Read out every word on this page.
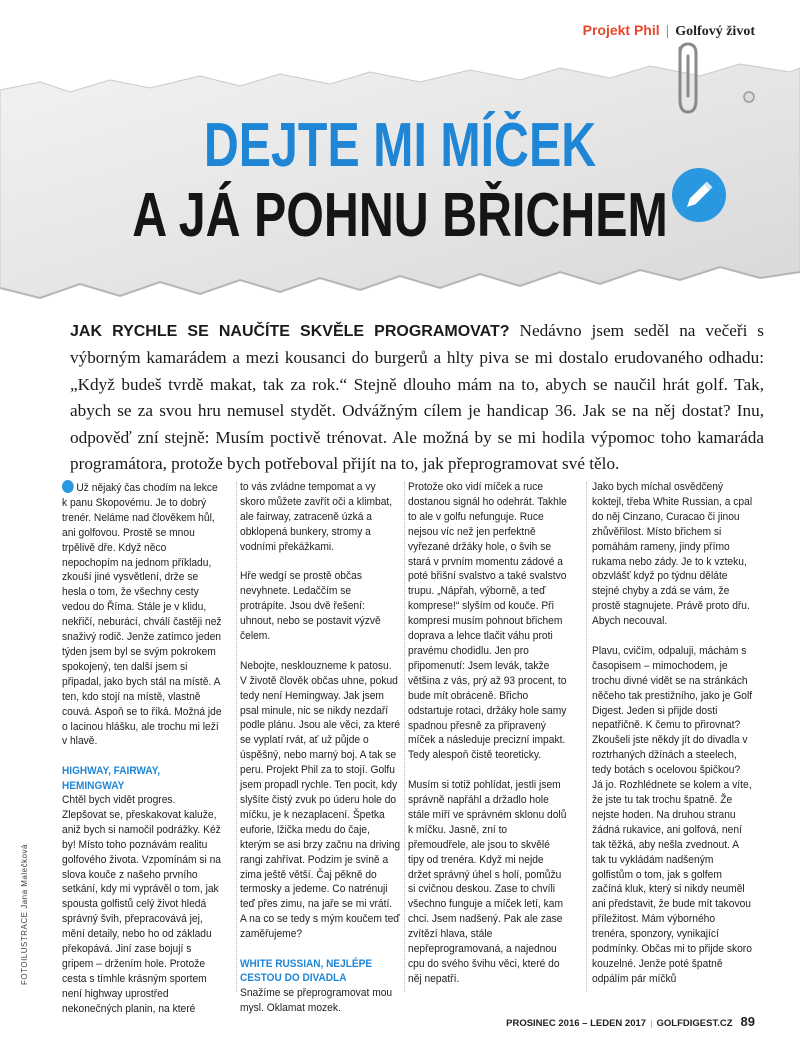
Projekt Phil | Golfový život
DEJTE MI MÍČEK
A JÁ POHNU BŘICHEM
JAK RYCHLE SE NAUČÍTE SKVĚLE PROGRAMOVAT? Nedávno jsem seděl na večeři s výborným kamarádem a mezi kousanci do burgerů a hlty piva se mi dostalo erudovaného odhadu: „Když budeš tvrdě makat, tak za rok.“ Stejně dlouho mám na to, abych se naučil hrát golf. Tak, abych se za svou hru nemusel stydět. Odvážným cílem je handicap 36. Jak se na něj dostat? Inu, odpověď zní stejně: Musím poctivě trénovat. Ale možná by se mi hodila výpomoc toho kamaráda programátora, protože bych potřeboval přijít na to, jak přeprogramovat své tělo.

Už nějaký čas chodím na lekce k panu Skopovému. Je to dobrý trenér. Neláme nad člověkem hůl, ani golfovou. Prostě se mnou trpělivě dře. Když něco nepochopím na jednom příkladu, zkouší jiné vysvětlení, drže se hesla o tom, že všechny cesty vedou do Říma. Stále je v klidu, nekřičí, neburácí, chválí častěji než snaživý rodič. Jenže zatímco jeden týden jsem byl se svým pokrokem spokojený, ten další jsem si připadal, jako bych stál na místě. A ten, kdo stojí na místě, vlastně couvá. Aspoň se to říká. Možná jde o lacinou hlášku, ale trochu mi leží v hlavě.

HIGHWAY, FAIRWAY, HEMINGWAY

Chtěl bych vidět progres. Zlepšovat se, přeskakovat kaluže, aniž bych si namočil podrážky. Kéž by! Místo toho poznávám realitu golfového života. Vzpomínám si na slova kouče z našeho prvního setkání, kdy mi vyprávěl o tom, jak spousta golfistů celý život hledá správný švih, přepracovává jej, mění detaily, nebo ho od základu překopává. Jiní zase bojují s gripem – držením hole. Protože cesta s tímhle krásným sportem není highway uprostřed nekonečných planin, na které

to vás zvládne tempomat a vy skoro můžete zavřít oči a klimbat, ale fairway, zatraceně úzká a obklopená bunkery, stromy a vodními překážkami.

Hře wedgí se prostě občas nevyhnete. Ledaččím se protrápíte. Jsou dvě řešení: uhnout, nebo se postavit výzvě čelem.

Nebojte, nesklouzneme k patosu. V životě člověk občas uhne, pokud tedy není Hemingway. Jak jsem psal minule, nic se nikdy nezdaří podle plánu. Jsou ale věci, za které se vyplatí rvát, ať už půjde o úspěšný, nebo marný boj. A tak se peru. Projekt Phil za to stojí. Golfu jsem propadl rychle. Ten pocit, kdy slyšíte čistý zvuk po úderu hole do míčku, je k nezaplacení. Špetka euforie, lžička medu do čaje, kterým se asi brzy začnu na driving rangi zahřívat. Podzim je svině a zima ještě větší. Čaj pěkně do termosky a jedeme. Co natrénuji teď přes zimu, na jaře se mi vrátí. A na co se tedy s mým koučem teď zaměřujeme?

WHITE RUSSIAN, NEJLÉPE CESTOU DO DIVADLA

Snažíme se přeprogramovat mou mysl. Oklamat mozek.

Protože oko vidí míček a ruce dostanou signál ho odehrát. Takhle to ale v golfu nefunguje. Ruce nejsou víc než jen perfektně vyřezané držáky hole, o švih se stará v prvním momentu zádové a poté břišní svalstvo a také svalstvo trupu. „Nápřah, výborně, a teď komprese!“ slyším od kouče. Při kompresi musím pohnout břichem doprava a lehce tlačit váhu proti pravému chodidlu. Jen pro připomenutí: Jsem levák, takže většina z vás, prý až 93 procent, to bude mít obráceně. Břicho odstartuje rotaci, držáky hole samy spadnou přesně za připravený míček a následuje precizní impakt. Tedy alespoň čistě teoreticky.

Musím si totiž pohlídat, jestli jsem správně napřáhl a držadlo hole stále míří ve správném sklonu dolů k míčku. Jasně, zní to přemoudřele, ale jsou to skvělé tipy od trenéra. Když mi nejde držet správný úhel s holí, pomůžu si cvičnou deskou. Zase to chvíli všechno funguje a míček letí, kam chci. Jsem nadšený. Pak ale zase zvítězí hlava, stále nepřeprogramovaná, a najednou cpu do svého švihu věci, které do něj nepatří.

Jako bych míchal osvědčený koktejl, třeba White Russian, a cpal do něj Cinzano, Curacao či jinou zhůvěřilost. Místo břichem si pomáhám rameny, jindy přímo rukama nebo zády. Je to k vzteku, obzvlášť když po týdnu děláte stejné chyby a zdá se vám, že prostě stagnujete. Právě proto dřu. Abych necouval.

Plavu, cvičím, odpaluji, máchám s časopisem – mimochodem, je trochu divné vidět se na stránkách něčeho tak prestižního, jako je Golf Digest. Jeden si přijde dosti nepatřičně. K čemu to přirovnat? Zkoušeli jste někdy jít do divadla v roztrhaných džínách a steelech, tedy botách s ocelovou špičkou? Já jo. Rozhlédnete se kolem a víte, že jste tu tak trochu špatně. Že nejste hoden. Na druhou stranu žádná rukavice, ani golfová, není tak těžká, aby nešla zvednout. A tak tu vykládám nadšeným golfistům o tom, jak s golfem začíná kluk, který si nikdy neuměl ani představit, že bude mít takovou příležitost. Mám výborného trenéra, sponzory, vynikající podmínky. Občas mi to přijde skoro kouzelné. Jenže poté špatně odpálím pár míčků

FOTOILUSTRACE Jana Malečková
PROSINEC 2016 – LEDEN 2017 | GOLFDIGEST.CZ 89
